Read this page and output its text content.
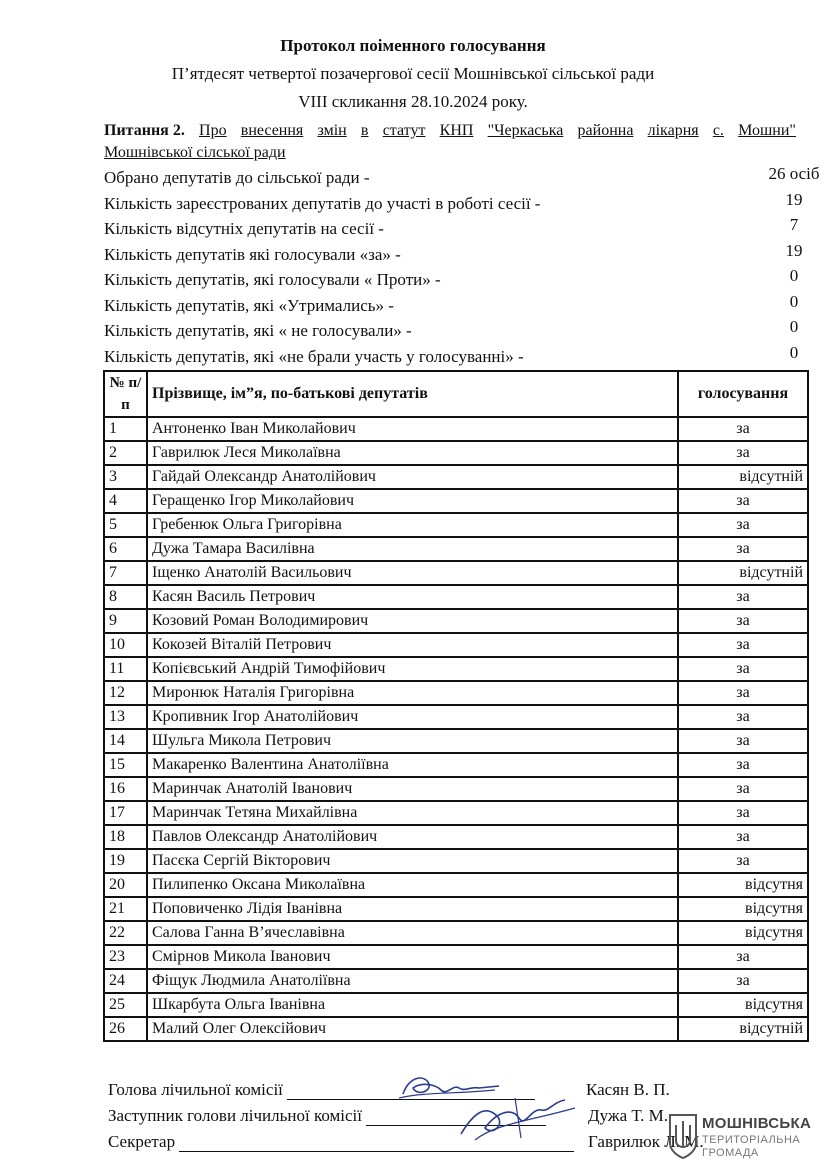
Протокол поіменного голосування
П’ятдесят четвертої позачергової сесії Мошнівської сільської ради
VIII скликання 28.10.2024 року.
Питання 2. Про внесення змін в статут КНП "Черкаська районна лікарня с. Мошни"
Мошнівської сілської ради
Обрано депутатів до сільської ради -	26 осіб
Кількість зареєстрованих депутатів до участі в роботі сесії -	19
Кількість відсутніх депутатів на сесії -	7
Кількість депутатів які голосували «за» -	19
Кількість депутатів, які голосували « Проти» -	0
Кількість депутатів, які «Утримались» -	0
Кількість депутатів, які « не голосували» -	0
Кількість депутатів, які «не брали участь у голосуванні» -	0
№ п/п	Прізвище, ім”я, по-батькові депутатів	голосування
1	Антоненко Іван Миколайович	за
2	Гаврилюк Леся Миколаївна	за
3	Гайдай Олександр Анатолійович	відсутній
4	Геращенко Ігор Миколайович	за
5	Гребенюк Ольга Григорівна	за
6	Дужа Тамара Василівна	за
7	Іщенко Анатолій Васильович	відсутній
8	Касян Василь Петрович	за
9	Козовий Роман Володимирович	за
10	Кокозей Віталій Петрович	за
11	Копієвський Андрій Тимофійович	за
12	Миронюк Наталія Григорівна	за
13	Кропивник Ігор Анатолійович	за
14	Шульга Микола Петрович	за
15	Макаренко Валентина Анатоліївна	за
16	Маринчак Анатолій Іванович	за
17	Маринчак Тетяна Михайлівна	за
18	Павлов Олександр Анатолійович	за
19	Пасєка Сергій Вікторович	за
20	Пилипенко Оксана Миколаївна	відсутня
21	Поповиченко Лідія Іванівна	відсутня
22	Салова Ганна В’ячеславівна	відсутня
23	Смірнов Микола Іванович	за
24	Фіщук Людмила Анатоліївна	за
25	Шкарбута Ольга Іванівна	відсутня
26	Малий Олег Олексійович	відсутній
Голова лічильної комісії	Касян В. П.
Заступник голови лічильної комісії	Дужа Т. М.
Секретар	Гаврилюк Л. М.
МОШНІВСЬКА
ТЕРИТОРІАЛЬНА
ГРОМАДА
